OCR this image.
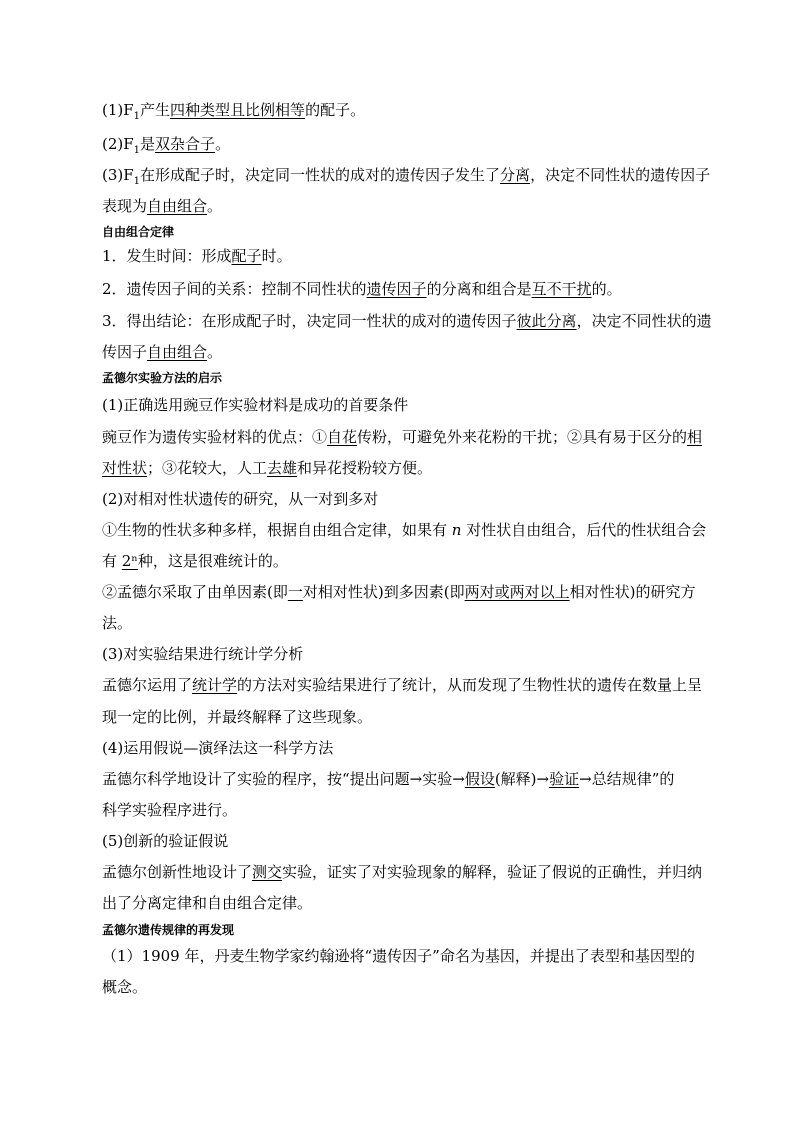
$(1)F_1$产生四种类型且比例相等的配子。
$(2)F_1$是双杂合子。
$(3)F_1$在形成配子时，决定同一性状的成对的遗传因子发生了分离，决定不同性状的遗传因子
表现为自由组合。
自由组合定律
1．发生时间：形成配子时。
2．遗传因子间的关系：控制不同性状的遗传因子的分离和组合是互不干扰的。
3．得出结论：在形成配子时，决定同一性状的成对的遗传因子彼此分离，决定不同性状的遗
传因子自由组合。
孟德尔实验方法的启示
(1)正确选用豌豆作实验材料是成功的首要条件
豌豆作为遗传实验材料的优点：①自花传粉，可避免外来花粉的干扰；②具有易于区分的相
对性状；③花较大，人工去雄和异花授粉较方便。
(2)对相对性状遗传的研究，从一对到多对
①生物的性状多种多样，根据自由组合定律，如果有 n 对性状自由组合，后代的性状组合会
有 2ⁿ种，这是很难统计的。
②孟德尔采取了由单因素(即一对相对性状)到多因素(即两对或两对以上相对性状)的研究方
法。
(3)对实验结果进行统计学分析
孟德尔运用了统计学的方法对实验结果进行了统计，从而发现了生物性状的遗传在数量上呈
现一定的比例，并最终解释了这些现象。
(4)运用假说—演绎法这一科学方法
孟德尔科学地设计了实验的程序，按“提出问题→实验→假设(解释)→验证→总结规律”的
科学实验程序进行。
(5)创新的验证假说
孟德尔创新性地设计了测交实验，证实了对实验现象的解释，验证了假说的正确性，并归纳
出了分离定律和自由组合定律。
孟德尔遗传规律的再发现
（1）1909 年，丹麦生物学家约翰逊将“遗传因子”命名为基因，并提出了表型和基因型的
概念。
